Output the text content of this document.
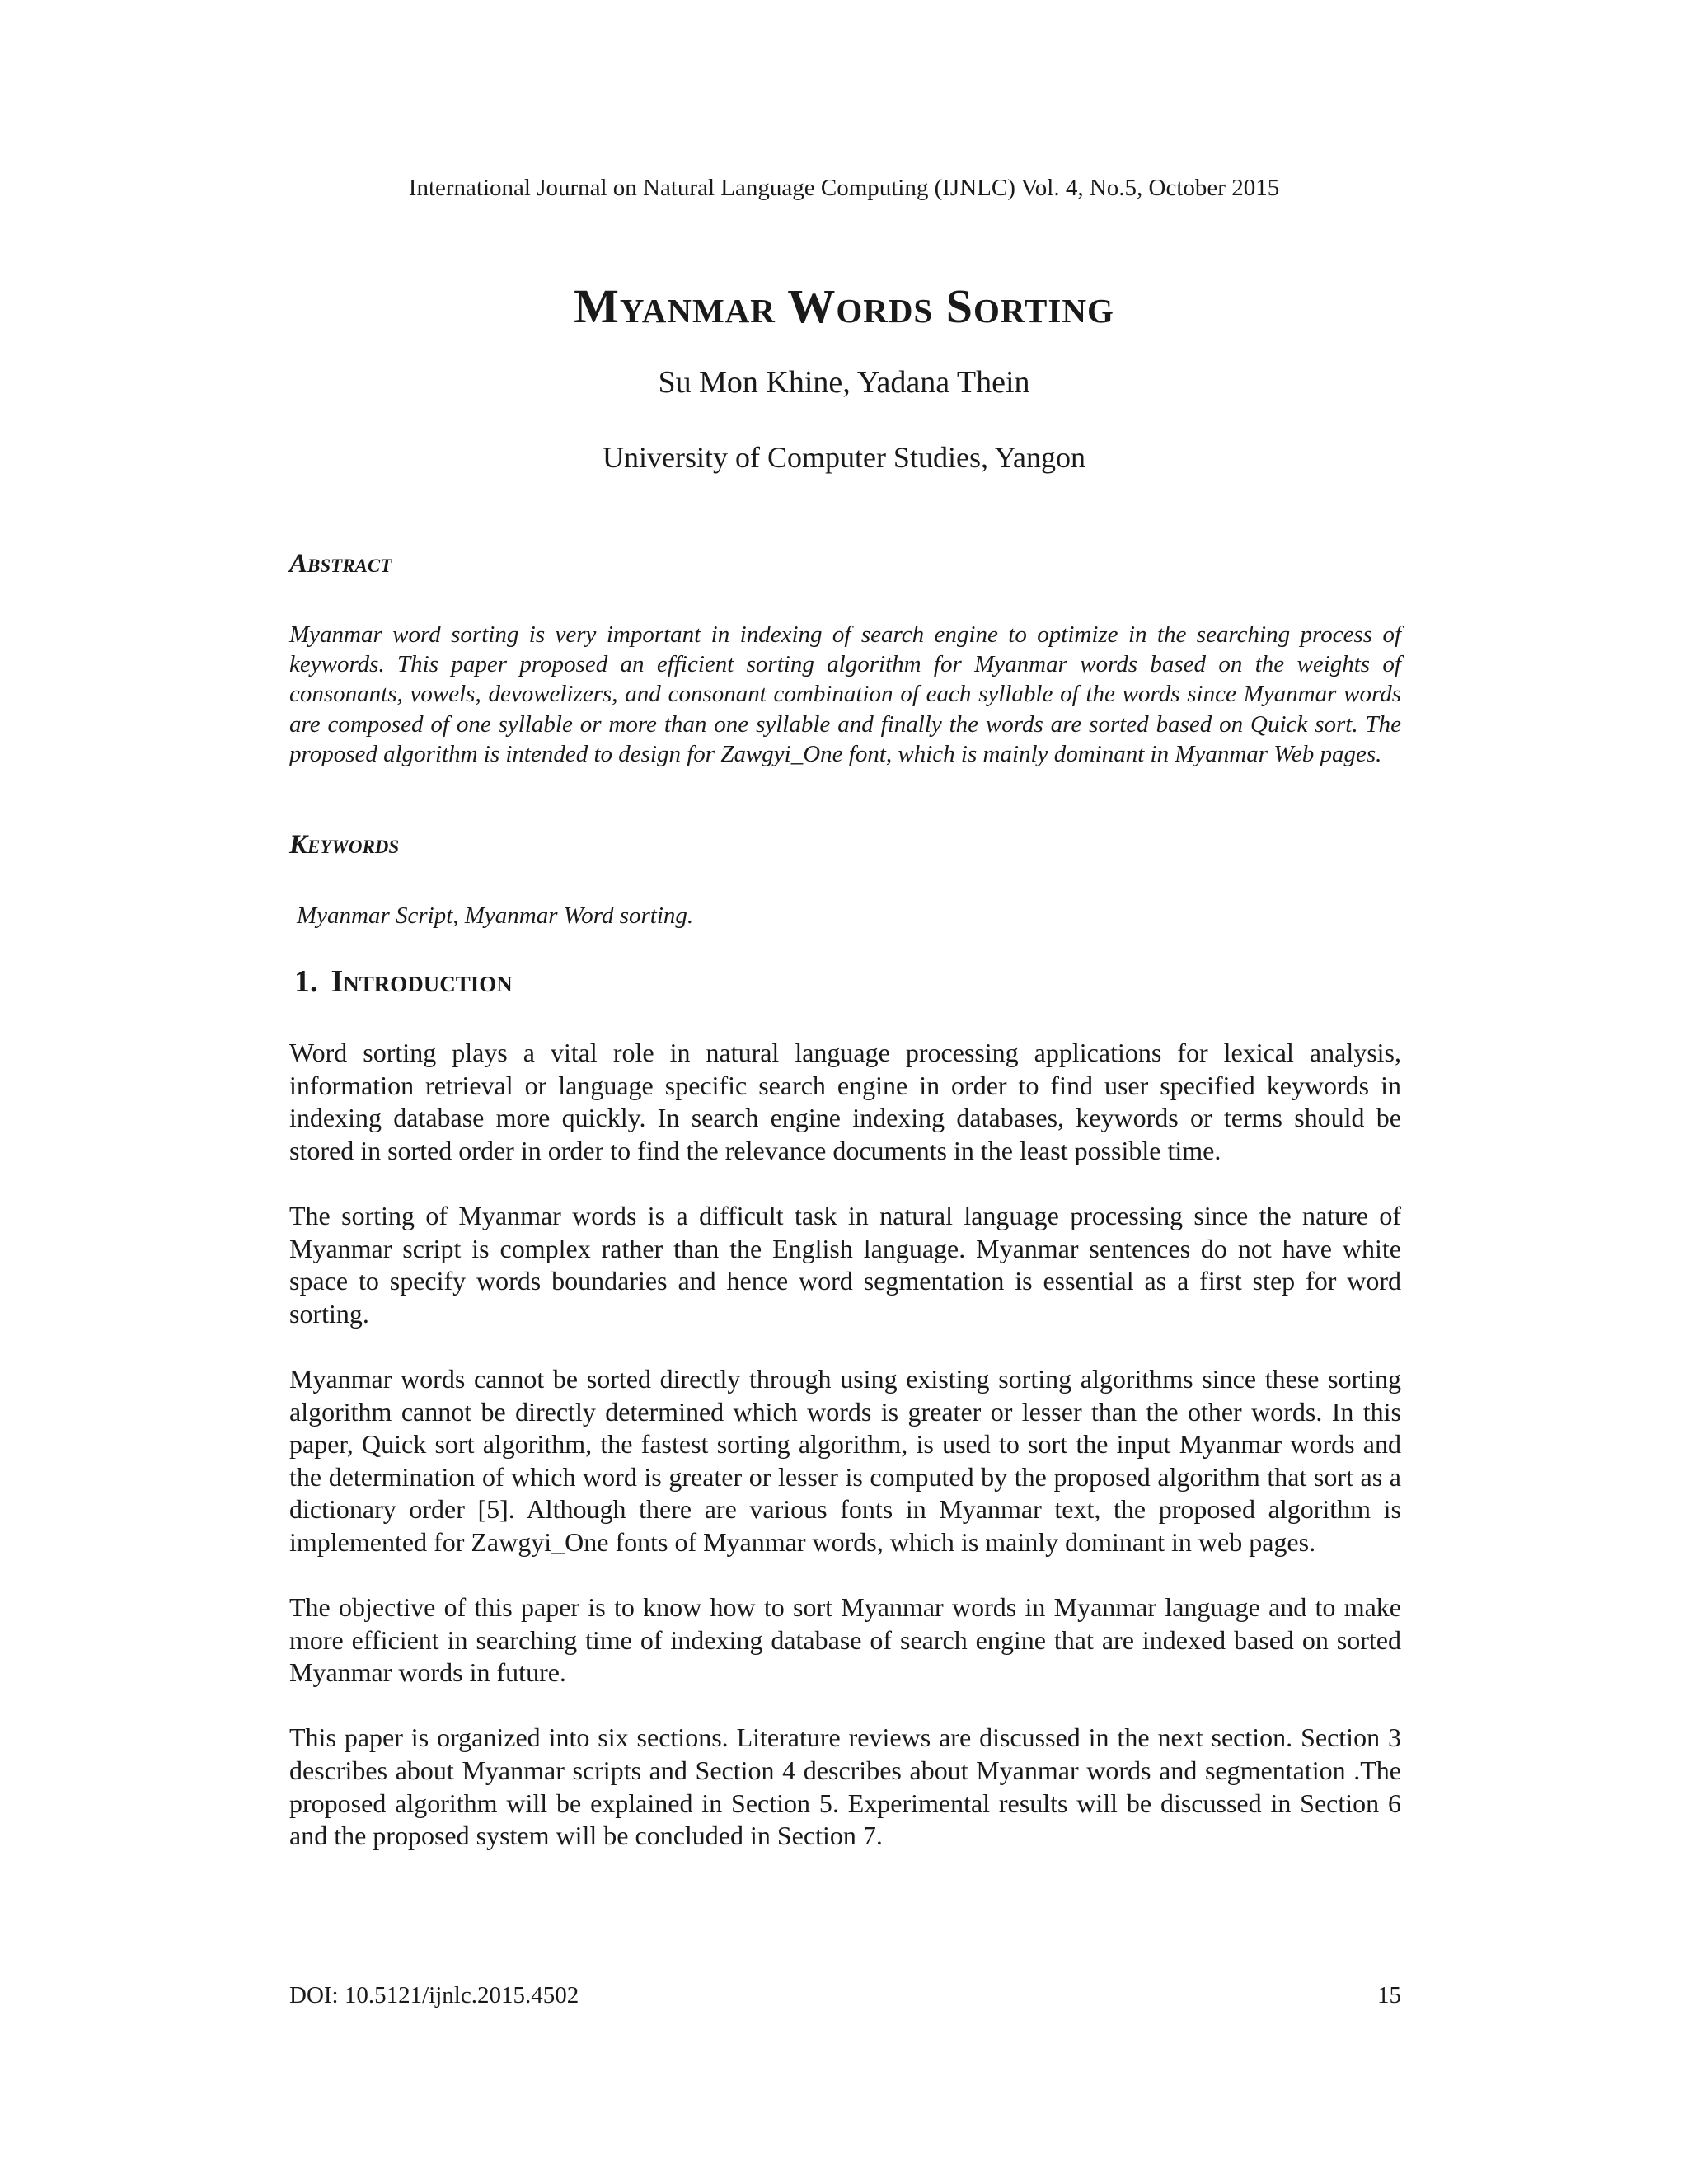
International Journal on Natural Language Computing (IJNLC) Vol. 4, No.5, October 2015
Myanmar Words Sorting
Su Mon Khine, Yadana Thein
University of Computer Studies, Yangon
Abstract
Myanmar word sorting is very important in indexing of search engine to optimize in the searching process of keywords. This paper proposed an efficient sorting algorithm for Myanmar words based on the weights of consonants, vowels, devowelizers, and consonant combination of each syllable of the words since Myanmar words are composed of one syllable or more than one syllable and finally the words are sorted based on Quick sort. The proposed algorithm is intended to design for Zawgyi_One font, which is mainly dominant in Myanmar Web pages.
Keywords
Myanmar Script, Myanmar Word sorting.
1. Introduction

Word sorting plays a vital role in natural language processing applications for lexical analysis, information retrieval or language specific search engine in order to find user specified keywords in indexing database more quickly. In search engine indexing databases, keywords or terms should be stored in sorted order in order to find the relevance documents in the least possible time.

The sorting of Myanmar words is a difficult task in natural language processing since the nature of Myanmar script is complex rather than the English language. Myanmar sentences do not have white space to specify words boundaries and hence word segmentation is essential as a first step for word sorting.

Myanmar words cannot be sorted directly through using existing sorting algorithms since these sorting algorithm cannot be directly determined which words is greater or lesser than the other words. In this paper, Quick sort algorithm, the fastest sorting algorithm, is used to sort the input Myanmar words and the determination of which word is greater or lesser is computed by the proposed algorithm that sort as a dictionary order [5]. Although there are various fonts in Myanmar text, the proposed algorithm is implemented for Zawgyi_One fonts of Myanmar words, which is mainly dominant in web pages.

The objective of this paper is to know how to sort Myanmar words in Myanmar language and to make more efficient in searching time of indexing database of search engine that are indexed based on sorted Myanmar words in future.

This paper is organized into six sections. Literature reviews are discussed in the next section. Section 3 describes about Myanmar scripts and Section 4 describes about Myanmar words and segmentation .The proposed algorithm will be explained in Section 5. Experimental results will be discussed in Section 6 and the proposed system will be concluded in Section 7.

DOI: 10.5121/ijnlc.2015.4502	15
